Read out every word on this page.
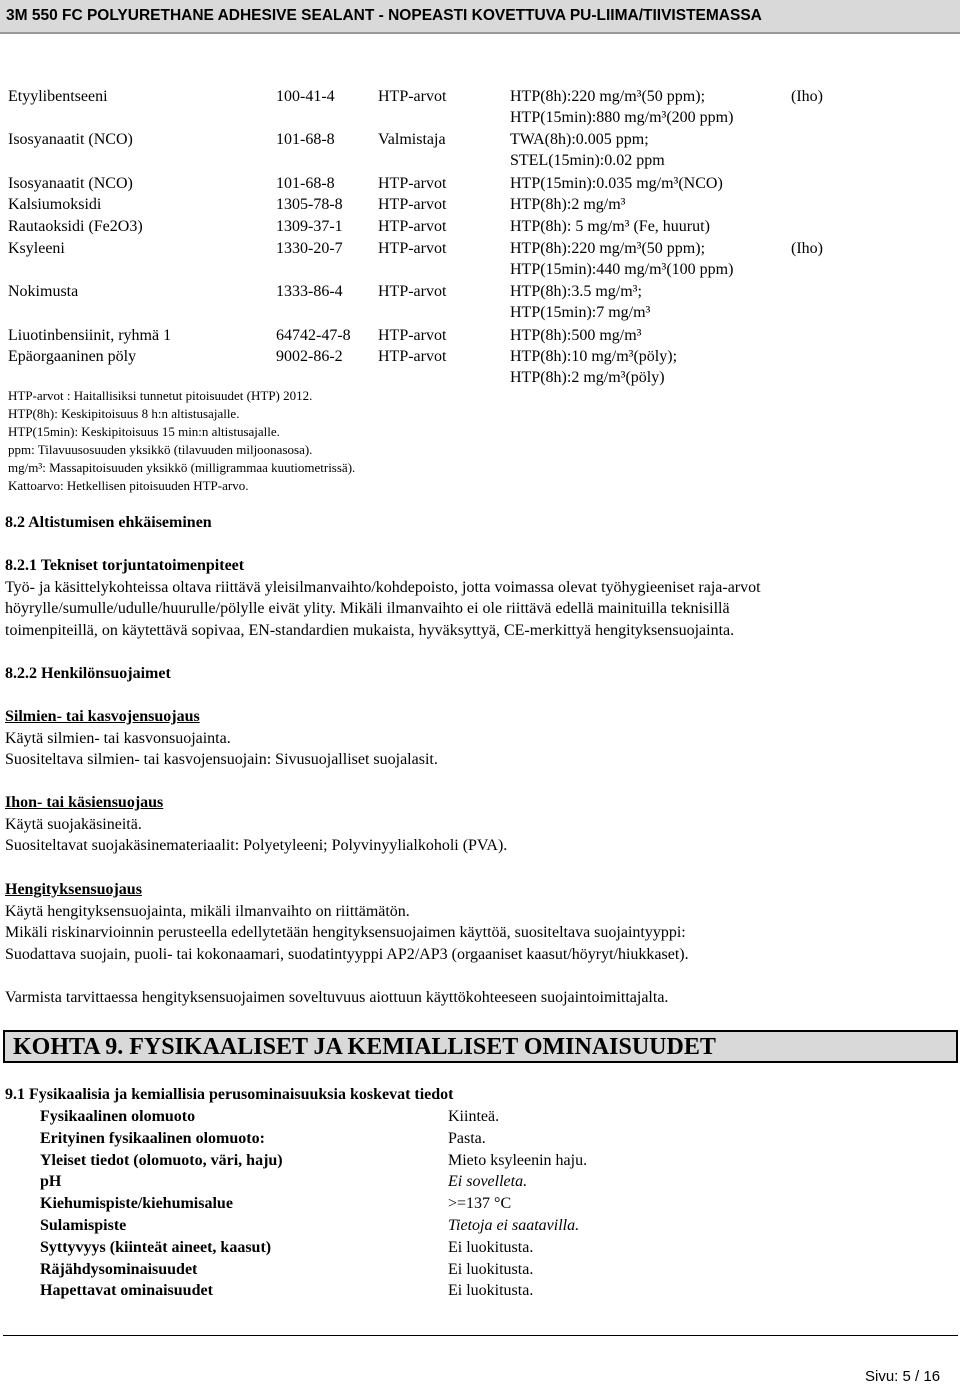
3M 550 FC POLYURETHANE ADHESIVE SEALANT - NOPEASTI KOVETTUVA PU-LIIMA/TIIVISTEMASSA
Etyylibentseeni	100-41-4	HTP-arvot	HTP(8h):220 mg/m³(50 ppm);
HTP(15min):880 mg/m³(200 ppm)
(Iho)
Isosyanaatit (NCO)	101-68-8	Valmistaja	TWA(8h):0.005 ppm;
STEL(15min):0.02 ppm
Isosyanaatit (NCO)	101-68-8	HTP-arvot	HTP(15min):0.035 mg/m³(NCO)
Kalsiumoksidi	1305-78-8 HTP-arvot	HTP(8h):2 mg/m³
Rautaoksidi (Fe2O3)	1309-37-1 HTP-arvot	HTP(8h): 5 mg/m³ (Fe, huurut)
Ksyleeni	1330-20-7 HTP-arvot	HTP(8h):220 mg/m³(50 ppm);
HTP(15min):440 mg/m³(100 ppm)
(Iho)
Nokimusta	1333-86-4 HTP-arvot	HTP(8h):3.5 mg/m³;
HTP(15min):7 mg/m³
Liuotinbensiinit, ryhmä 1	64742-47-8 HTP-arvot	HTP(8h):500 mg/m³
Epäorgaaninen pöly	9002-86-2 HTP-arvot	HTP(8h):10 mg/m³(pöly);
HTP(8h):2 mg/m³(pöly)
HTP-arvot : Haitallisiksi tunnetut pitoisuudet (HTP) 2012.
HTP(8h): Keskipitoisuus 8 h:n altistusajalle.
HTP(15min): Keskipitoisuus 15 min:n altistusajalle.
ppm: Tilavuusosuuden yksikkö (tilavuuden miljoonasosa).
mg/m³: Massapitoisuuden yksikkö (milligrammaa kuutiometrissä).
Kattoarvo: Hetkellisen pitoisuuden HTP-arvo.
8.2 Altistumisen ehkäiseminen
8.2.1 Tekniset torjuntatoimenpiteet
Työ- ja käsittelykohteissa oltava riittävä yleisilmanvaihto/kohdepoisto, jotta voimassa olevat työhygieeniset raja-arvot
höyrylle/sumulle/udulle/huurulle/pölylle eivät ylity. Mikäli ilmanvaihto ei ole riittävä edellä mainituilla teknisillä
toimenpiteillä, on käytettävä sopivaa, EN-standardien mukaista, hyväksyttyä, CE-merkittyä hengityksensuojainta.
8.2.2 Henkilönsuojaimet
Silmien- tai kasvojensuojaus
Käytä silmien- tai kasvonsuojainta.
Suositeltava silmien- tai kasvojensuojain: Sivusuojalliset suojalasit.
Ihon- tai käsiensuojaus
Käytä suojakäsineitä.
Suositeltavat suojakäsinemateriaalit: Polyetyleeni; Polyvinyylialkoholi (PVA).
Hengityksensuojaus
Käytä hengityksensuojainta, mikäli ilmanvaihto on riittämätön.
Mikäli riskinarvioinnin perusteella edellytetään hengityksensuojaimen käyttöä, suositeltava suojaintyyppi:
Suodattava suojain, puoli- tai kokonaamari, suodatintyyppi AP2/AP3 (orgaaniset kaasut/höyryt/hiukkaset).
Varmista tarvittaessa hengityksensuojaimen soveltuvuus aiottuun käyttökohteeseen suojaintoimittajalta.
KOHTA 9. FYSIKAALISET JA KEMIALLISET OMINAISUUDET
9.1 Fysikaalisia ja kemiallisia perusominaisuuksia koskevat tiedot
Fysikaalinen olomuoto	Kiinteä.
Erityinen fysikaalinen olomuoto:	Pasta.
Yleiset tiedot (olomuoto, väri, haju)	Mieto ksyleenin haju.
pH	Ei sovelleta.
Kiehumispiste/kiehumisalue	>=137 °C
Sulamispiste	Tietoja ei saatavilla.
Syttyvyys (kiinteät aineet, kaasut)	Ei luokitusta.
Räjähdysominaisuudet	Ei luokitusta.
Hapettavat ominaisuudet	Ei luokitusta.
Sivu: 5 / 16
